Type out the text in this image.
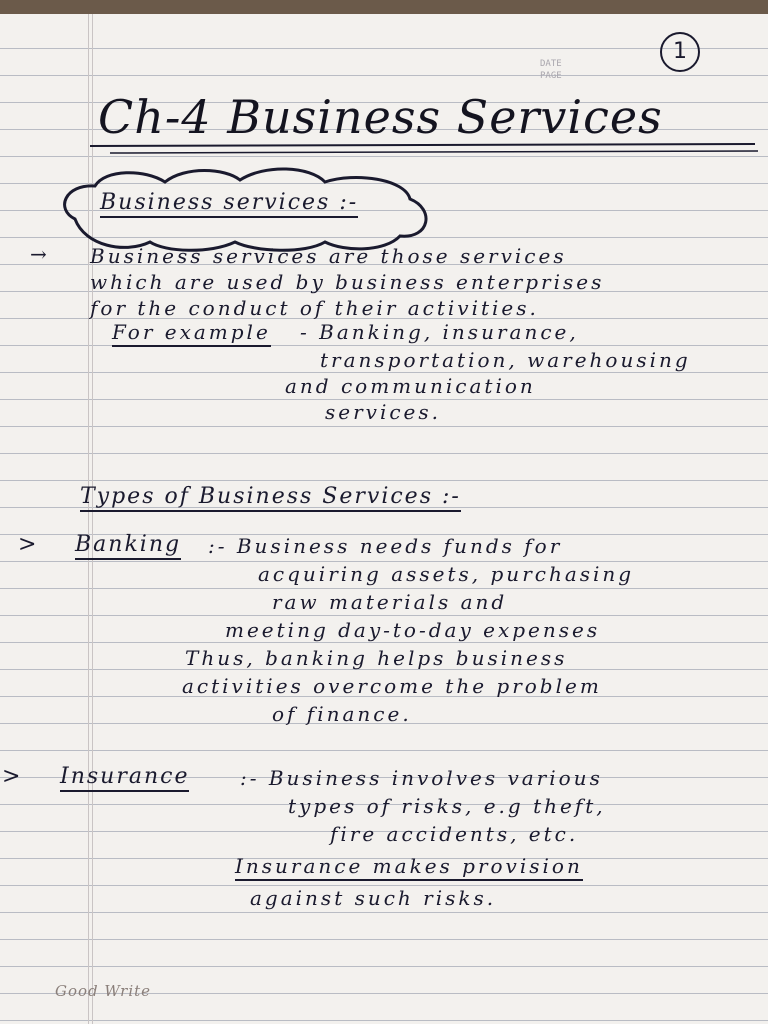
1
DATE
PAGE
Ch-4 Business Services
Business services :-
→ Business services are those services
which are used by business enterprises
for the conduct of their activities.
For example - Banking, insurance,
transportation, warehousing
and communication
services.
Types of Business Services :-
> Banking :- Business needs funds for
acquiring assets, purchasing
raw materials and
meeting day-to-day expenses
Thus, banking helps business
activities overcome the problem
of finance.
> Insurance	:- Business involves various
types of risks, e.g theft,
fire accidents, etc.
Insurance makes provision
against such risks.
Good Write
